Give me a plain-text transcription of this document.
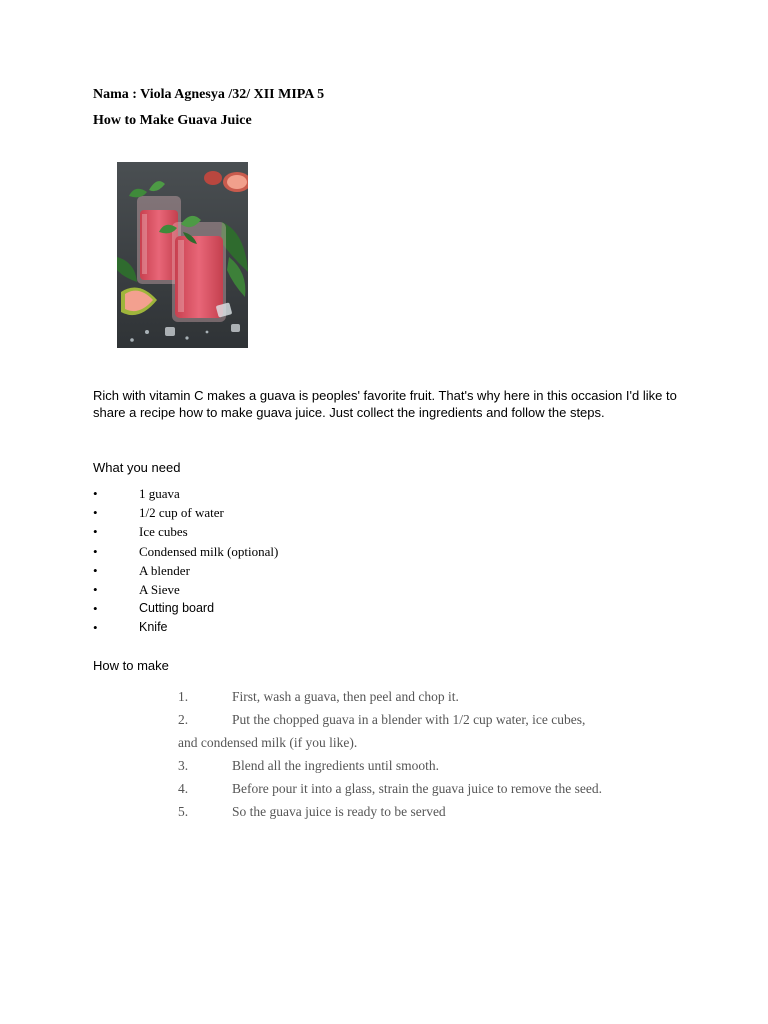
Nama : Viola Agnesya /32/ XII MIPA 5
How to Make Guava Juice
Rich with vitamin C makes a guava is peoples' favorite fruit. That's why here in this occasion I'd like to share a recipe how to make guava juice. Just collect the ingredients and follow the steps.
What you need
•	1 guava
•	1/2 cup of water
•	Ice cubes
•	Condensed milk (optional)
•	A blender
•	A Sieve
•	Cutting board
•	Knife
How to make
1.	First, wash a guava, then peel and chop it.
2.	Put the chopped guava in a blender with 1/2 cup water, ice cubes,
and condensed milk (if you like).
3.	Blend all the ingredients until smooth.
4.	Before pour it into a glass, strain the guava juice to remove the seed.
5.	So the guava juice is ready to be served
